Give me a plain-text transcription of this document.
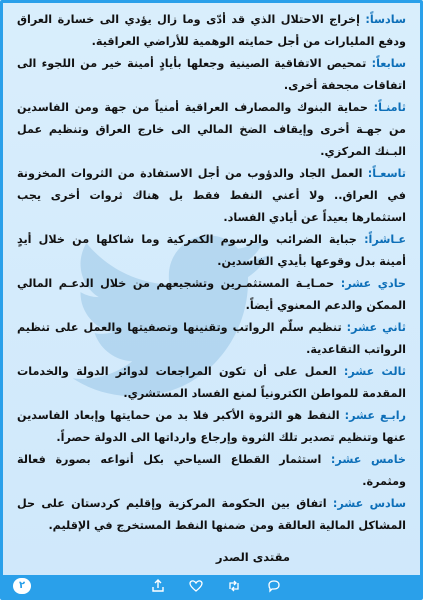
سادساً: إخراج الاحتلال الذي قد أدّى وما زال يؤدي الى خسارة العراق ودفع المليارات من أجل حمايته الوهمية للأراضي العراقية.

سابعاً: تمحيص الاتفاقية الصينية وجعلها بأيادٍ أمينة خير من اللجوء الى اتفاقات مجحفة أخرى.

ثامنـاً: حماية البنوك والمصارف العراقية أمنياً من جهة ومن الفاسدين من جهـة أخرى وإيقاف الضخ المالي الى خارج العراق وتنظيم عمل البـنك المركزي.

تاسعـاً: العمل الجاد والدؤوب من أجل الاستفادة من الثروات المخزونة في العراق.. ولا أعني النفط فقط بل هناك ثروات أخرى يجب استثمارها بعيداً عن أيادي الفساد.

عـاشراً: جباية الضرائب والرسوم الكمركية وما شاكلها من خلال أيدٍ أمينة بدل وقوعها بأيدي الفاسدين.

حادي عشر: حمـايـة المستثمـرين وتشجيعهم من خلال الدعـم المالي الممكن والدعم المعنوي أيضاً.

ثاني عشر: تنظيم سلّم الرواتب وتقنينها وتصفيتها والعمل على تنظيم الرواتب التقاعدية.

ثالث عشر: العمل على أن تكون المراجعات لدوائر الدولة والخدمات المقدمة للمواطن الكترونياً لمنع الفساد المستشري.

رابـع عشر: النفط هو الثروة الأكبر فلا بد من حمايتها وإبعاد الفاسدين عنها وتنظيم تصدير تلك الثروة وإرجاع وارداتها الى الدولة حصراً.

خامس عشر: استثمار القطاع السياحي بكل أنواعه بصورة فعالة ومثمرة.

سادس عشر: اتفاق بين الحكومة المركزية وإقليم كردستان على حل المشاكل المالية العالقة ومن ضمنها النفط المستخرج في الإقليم.

مقتدى الصدر
٢
